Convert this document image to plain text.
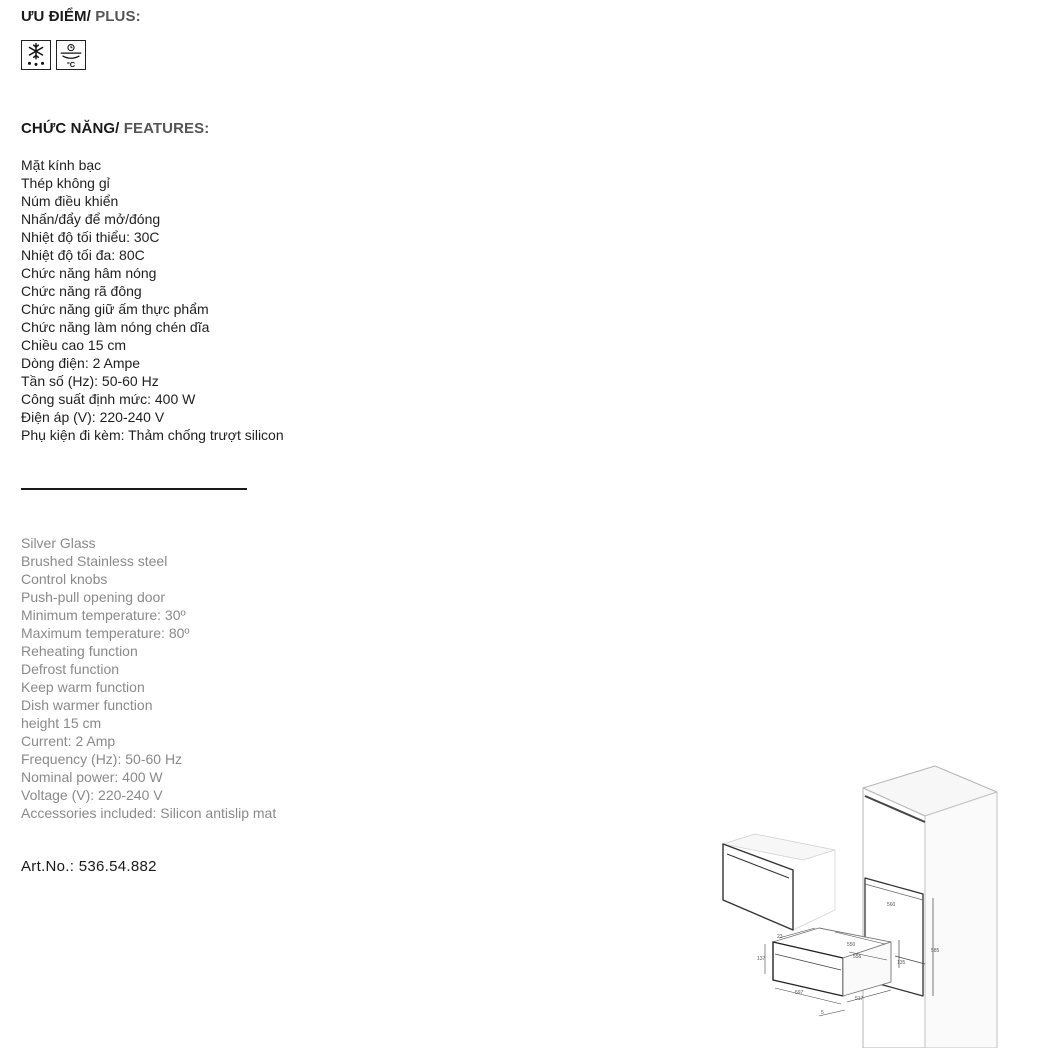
ƯU ĐIỂM/ PLUS:
°C
CHỨC NĂNG/ FEATURES:
Mặt kính bạc
Thép không gỉ
Núm điều khiển
Nhấn/đẩy để mở/đóng
Nhiệt độ tối thiểu: 30C
Nhiệt độ tối đa: 80C
Chức năng hâm nóng
Chức năng rã đông
Chức năng giữ ấm thực phẩm
Chức năng làm nóng chén dĩa
Chiều cao 15 cm
Dòng điện: 2 Ampe
Tần số (Hz): 50-60 Hz
Công suất định mức: 400 W
Điện áp (V): 220-240 V
Phụ kiện đi kèm: Thảm chống trượt silicon
Silver Glass
Brushed Stainless steel
Control knobs
Push-pull opening door
Minimum temperature: 30º
Maximum temperature: 80º
Reheating function
Defrost function
Keep warm function
Dish warmer function
height 15 cm
Current: 2 Amp
Frequency (Hz): 50-60 Hz
Nominal power: 400 W
Voltage (V): 220-240 V
Accessories included: Silicon antislip mat
Art.No.: 536.54.882
560
550
556
585
23
137
135
597
517
5
